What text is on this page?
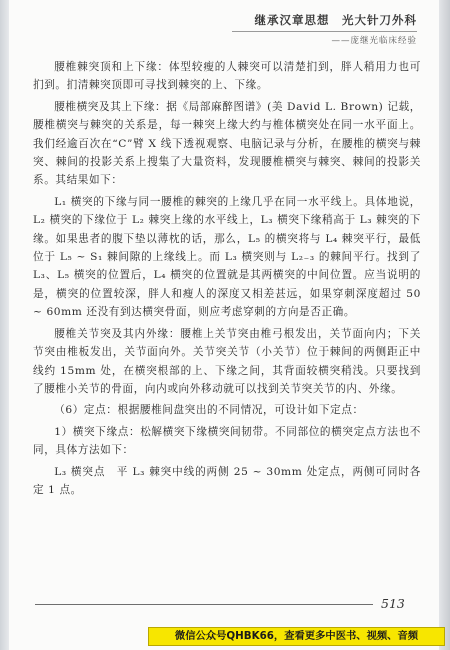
继承汉章思想　光大针刀外科
——庞继光临床经验

腰椎棘突顶和上下缘：体型较瘦的人棘突可以清楚扪到，胖人稍用力也可扪到。扪清棘突顶即可寻找到棘突的上、下缘。

腰椎横突及其上下缘：据《局部麻醉图谱》(美 David L. Brown) 记载，腰椎横突与棘突的关系是，每一棘突上缘大约与椎体横突处在同一水平面上。我们经逾百次在“C”臂 X 线下透视观察、电脑记录与分析，在腰椎的横突与棘突、棘间的投影关系上搜集了大量资料，发现腰椎横突与棘突、棘间的投影关系。其结果如下：

L₁ 横突的下缘与同一腰椎的棘突的上缘几乎在同一水平线上。具体地说，L₂ 横突的下缘位于 L₂ 棘突上缘的水平线上，L₃ 横突下缘稍高于 L₃ 棘突的下缘。如果患者的腹下垫以薄枕的话，那么，L₅ 的横突将与 L₄ 棘突平行，最低位于 L₅ ~ S₁ 棘间隙的上缘线上。而 L₃ 横突则与 L₂₋₃ 的棘间平行。找到了 L₃、L₅ 横突的位置后，L₄ 横突的位置就是其两横突的中间位置。应当说明的是，横突的位置较深，胖人和瘦人的深度又相差甚远，如果穿刺深度超过 50 ~ 60mm 还没有到达横突骨面，则应考虑穿刺的方向是否正确。

腰椎关节突及其内外缘：腰椎上关节突由椎弓根发出，关节面向内；下关节突由椎板发出，关节面向外。关节突关节（小关节）位于棘间的两侧距正中线约 15mm 处，在横突根部的上、下缘之间，其背面较横突稍浅。只要找到了腰椎小关节的骨面，向内或向外移动就可以找到关节突关节的内、外缘。

（6）定点：根据腰椎间盘突出的不同情况，可设计如下定点：

1）横突下缘点：松解横突下缘横突间韧带。不同部位的横突定点方法也不同，具体方法如下：

L₃ 横突点　平 L₃ 棘突中线的两侧 25 ~ 30mm 处定点，两侧可同时各定 1 点。

513
微信公众号QHBK66，查看更多中医书、视频、音频
